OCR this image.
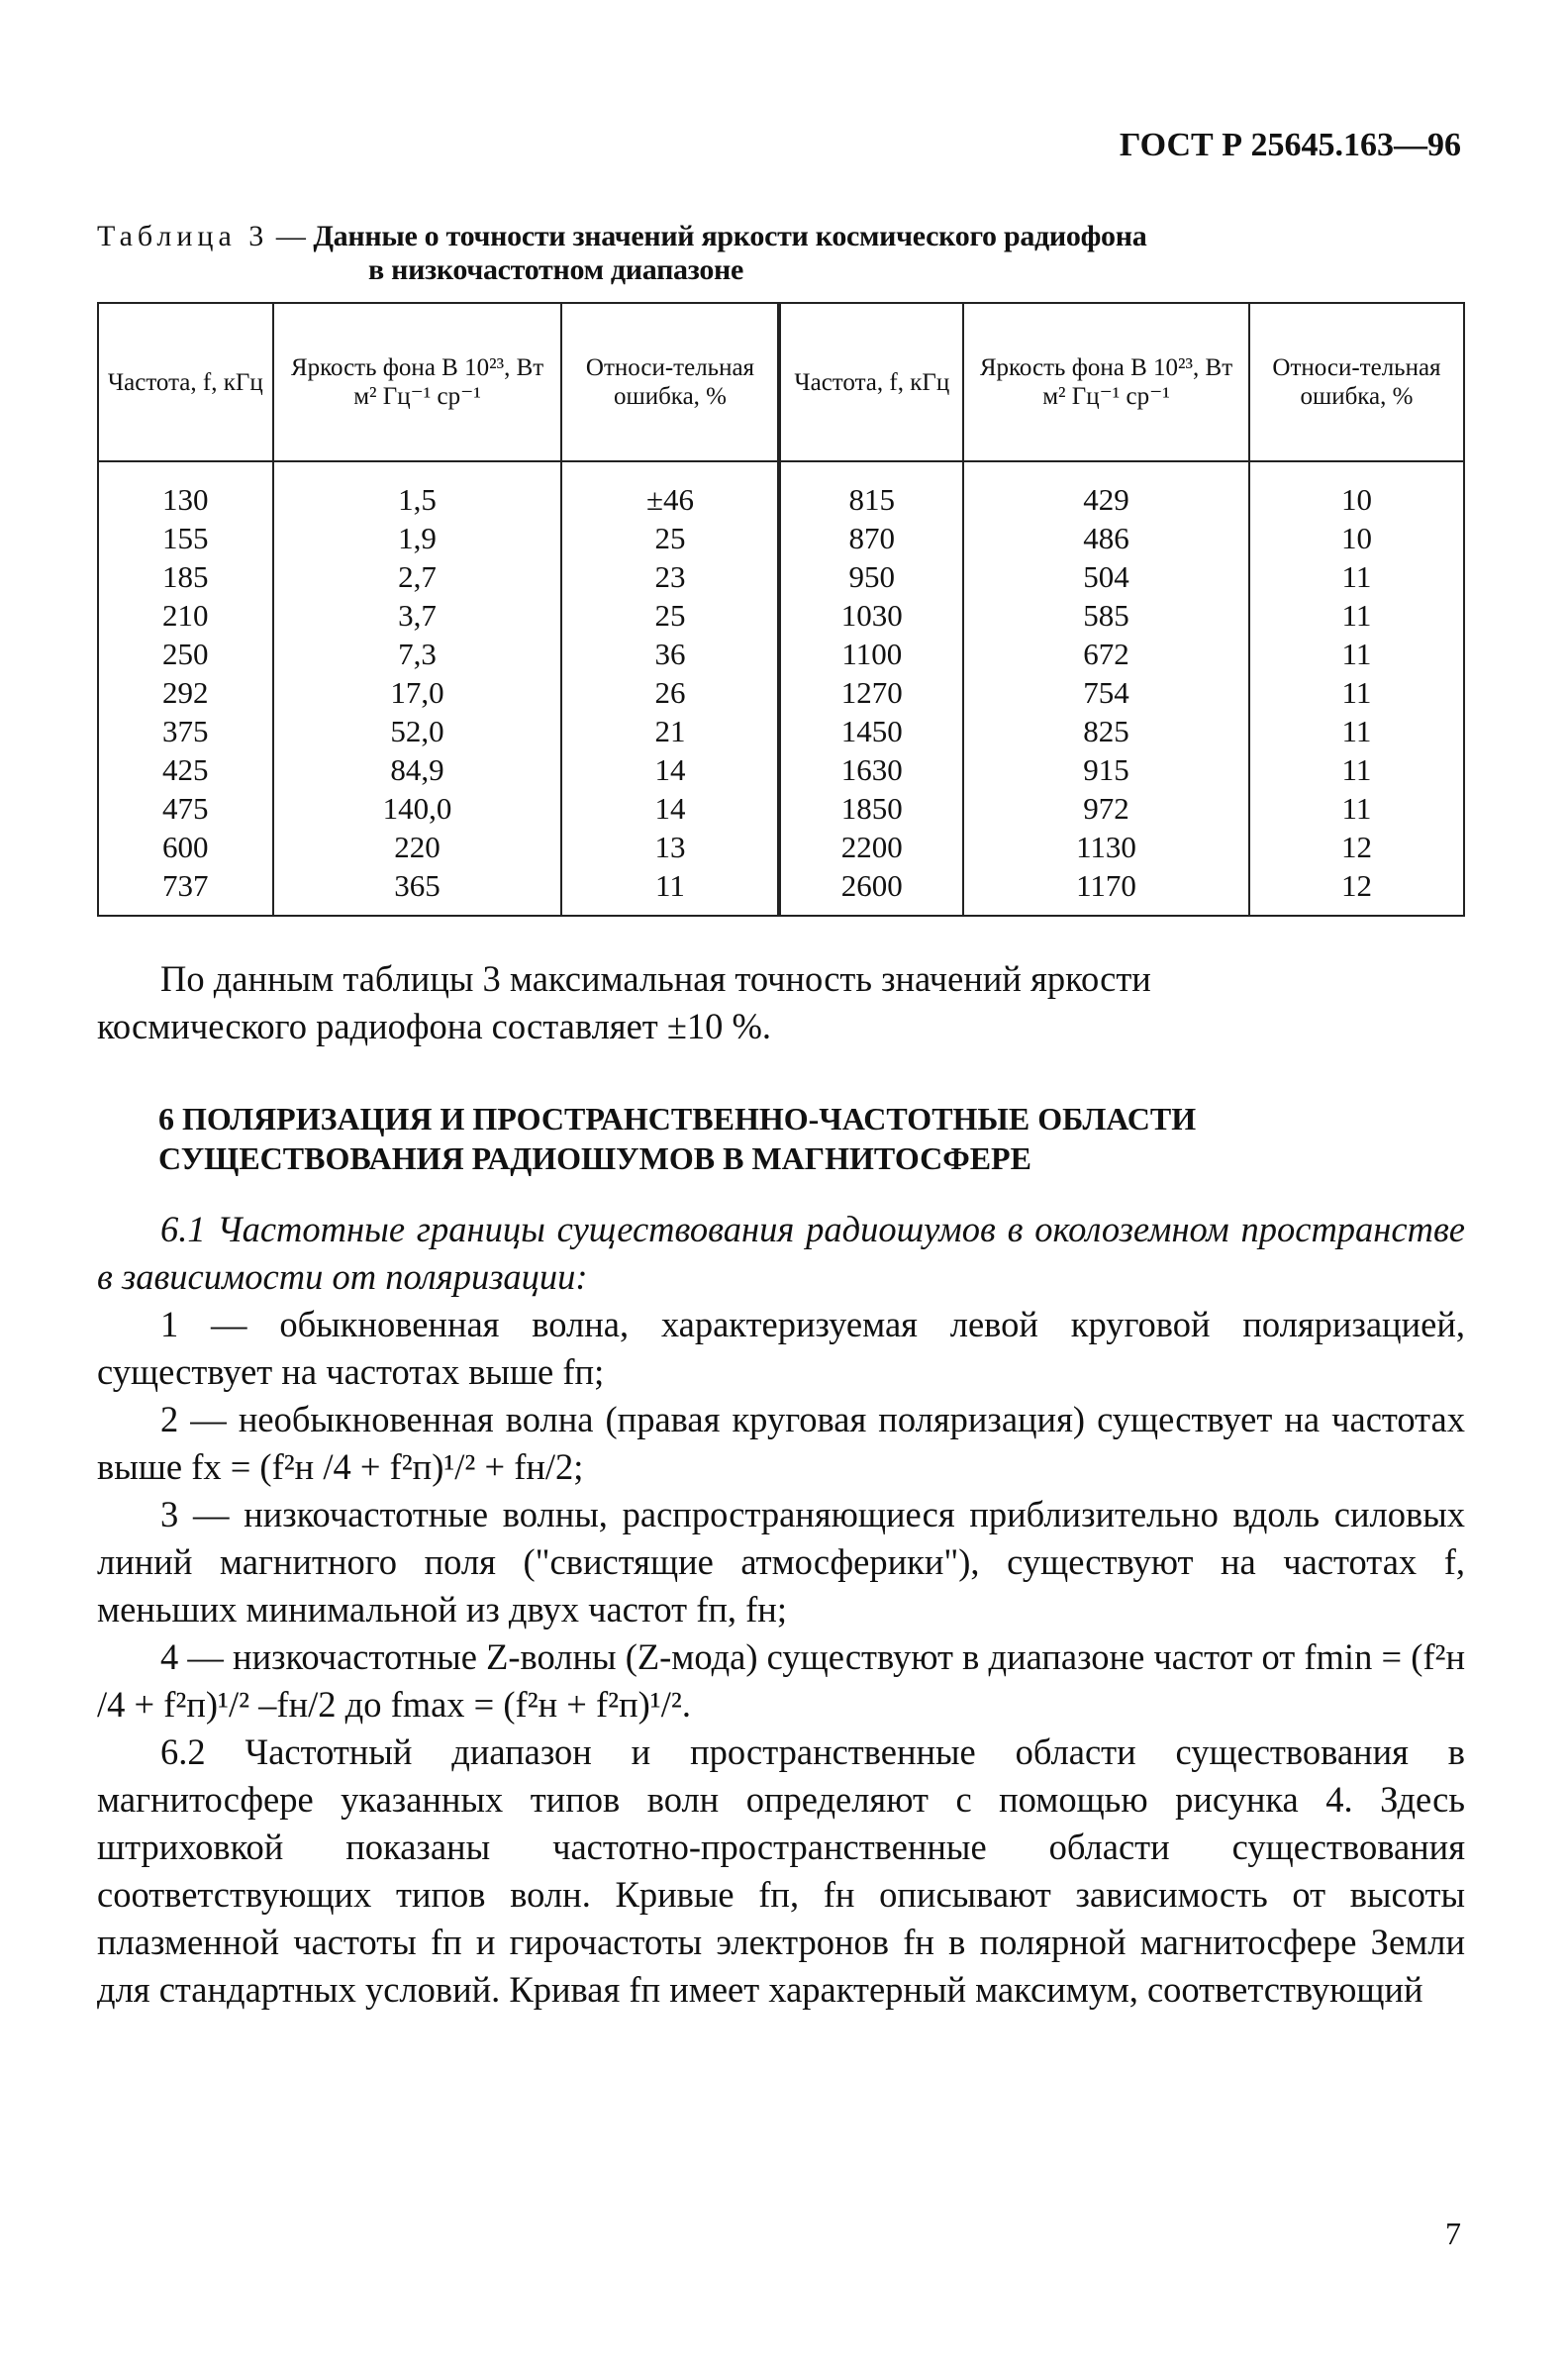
ГОСТ Р 25645.163—96
Таблица 3 — Данные о точности значений яркости космического радиофона
в низкочастотном диапазоне
Частота, f, кГц	Яркость фона В 10²³, Вт м² Гц⁻¹ ср⁻¹	Относи-тельная ошибка, %	Частота, f, кГц	Яркость фона В 10²³, Вт м² Гц⁻¹ ср⁻¹	Относи-тельная ошибка, %
130	1,5	±46	815	429	10
155	1,9	25	870	486	10
185	2,7	23	950	504	11
210	3,7	25	1030	585	11
250	7,3	36	1100	672	11
292	17,0	26	1270	754	11
375	52,0	21	1450	825	11
425	84,9	14	1630	915	11
475	140,0	14	1850	972	11
600	220	13	2200	1130	12
737	365	11	2600	1170	12
По данным таблицы 3 максимальная точность значений яркости
космического радиофона составляет ±10 %.
6 ПОЛЯРИЗАЦИЯ И ПРОСТРАНСТВЕННО-ЧАСТОТНЫЕ ОБЛАСТИ
СУЩЕСТВОВАНИЯ РАДИОШУМОВ В МАГНИТОСФЕРЕ

6.1 Частотные границы существования радиошумов в околоземном пространстве в зависимости от поляризации:

1 — обыкновенная волна, характеризуемая левой круговой поляризацией, существует на частотах выше fп;

2 — необыкновенная волна (правая круговая поляризация) существует на частотах выше fx = (f²н /4 + f²п)¹/² + fн/2;

3 — низкочастотные волны, распространяющиеся приблизительно вдоль силовых линий магнитного поля ("свистящие атмосферики"), существуют на частотах f, меньших минимальной из двух частот fп, fн;

4 — низкочастотные Z-волны (Z-мода) существуют в диапазоне частот от fmin = (f²н /4 + f²п)¹/² –fн/2 до fmax = (f²н + f²п)¹/².

6.2 Частотный диапазон и пространственные области существования в магнитосфере указанных типов волн определяют с помощью рисунка 4. Здесь штриховкой показаны частотно-пространственные области существования соответствующих типов волн. Кривые fп, fн описывают зависимость от высоты плазменной частоты fп и гирочастоты электронов fн в полярной магнитосфере Земли для стандартных условий. Кривая fп имеет характерный максимум, соответствующий

7
